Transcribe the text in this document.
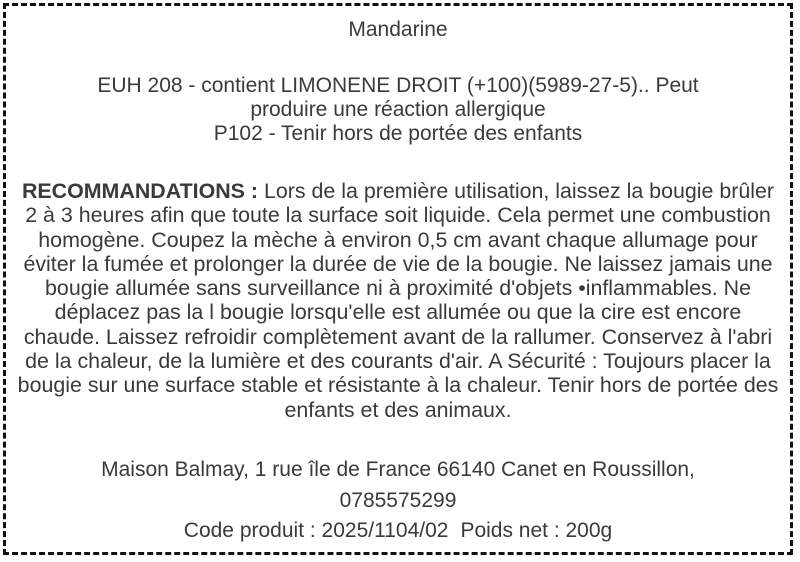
Mandarine
EUH 208 - contient LIMONENE DROIT (+100)(5989-27-5).. Peut
produire une réaction allergique
P102 - Tenir hors de portée des enfants
RECOMMANDATIONS : Lors de la première utilisation, laissez la bougie brûler 2 à 3 heures afin que toute la surface soit liquide. Cela permet une combustion homogène. Coupez la mèche à environ 0,5 cm avant chaque allumage pour éviter la fumée et prolonger la durée de vie de la bougie. Ne laissez jamais une bougie allumée sans surveillance ni à proximité d'objets •inflammables. Ne déplacez pas la l bougie lorsqu'elle est allumée ou que la cire est encore chaude. Laissez refroidir complètement avant de la rallumer. Conservez à l'abri de la chaleur, de la lumière et des courants d'air. A Sécurité : Toujours placer la bougie sur une surface stable et résistante à la chaleur. Tenir hors de portée des enfants et des animaux.
Maison Balmay, 1 rue île de France 66140 Canet en Roussillon,
0785575299
Code produit : 2025/1104/02 Poids net : 200g
